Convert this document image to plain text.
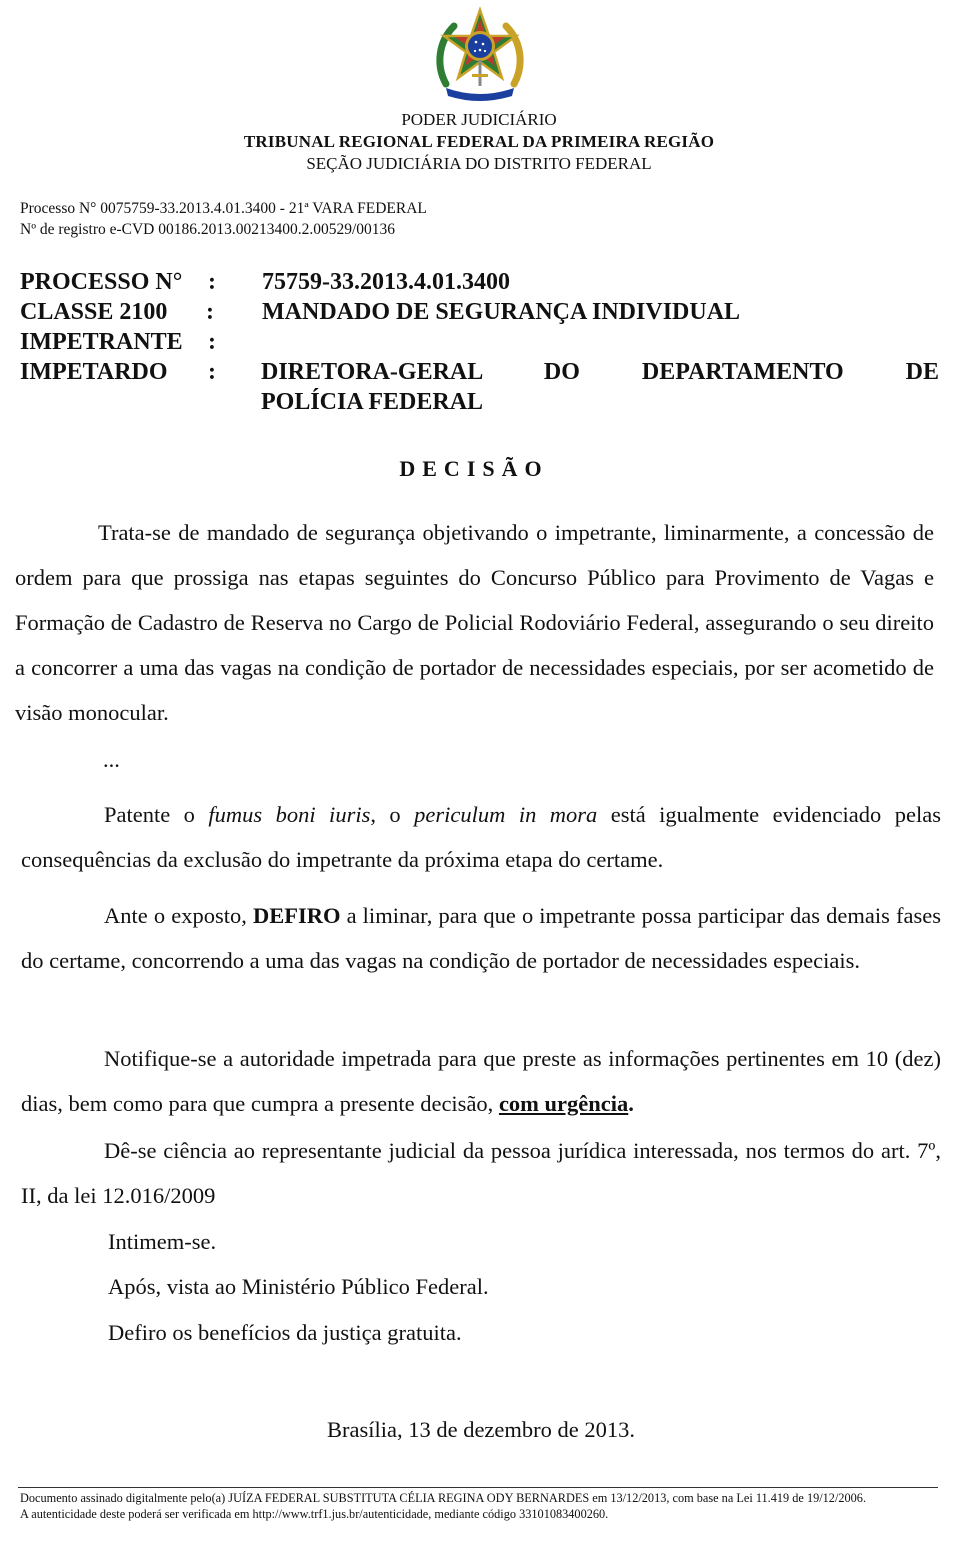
PODER JUDICIÁRIO
TRIBUNAL REGIONAL FEDERAL DA PRIMEIRA REGIÃO
SEÇÃO JUDICIÁRIA DO DISTRITO FEDERAL
Processo N° 0075759-33.2013.4.01.3400 - 21ª VARA FEDERAL
Nº de registro e-CVD 00186.2013.00213400.2.00529/00136
PROCESSO N° : 75759-33.2013.4.01.3400
CLASSE 2100 : MANDADO DE SEGURANÇA INDIVIDUAL
IMPETRANTE :
IMPETARDO : DIRETORA-GERAL DO DEPARTAMENTO DE
POLÍCIA FEDERAL
DECISÃO
Trata-se de mandado de segurança objetivando o impetrante, liminarmente, a concessão de ordem para que prossiga nas etapas seguintes do Concurso Público para Provimento de Vagas e Formação de Cadastro de Reserva no Cargo de Policial Rodoviário Federal, assegurando o seu direito a concorrer a uma das vagas na condição de portador de necessidades especiais, por ser acometido de visão monocular.
...
Patente o fumus boni iuris, o periculum in mora está igualmente evidenciado pelas consequências da exclusão do impetrante da próxima etapa do certame.
Ante o exposto, DEFIRO a liminar, para que o impetrante possa participar das demais fases do certame, concorrendo a uma das vagas na condição de portador de necessidades especiais.
Notifique-se a autoridade impetrada para que preste as informações pertinentes em 10 (dez) dias, bem como para que cumpra a presente decisão, com urgência.
Dê-se ciência ao representante judicial da pessoa jurídica interessada, nos termos do art. 7º, II, da lei 12.016/2009
Intimem-se.
Após, vista ao Ministério Público Federal.
Defiro os benefícios da justiça gratuita.
Brasília, 13 de dezembro de 2013.
Documento assinado digitalmente pelo(a) JUÍZA FEDERAL SUBSTITUTA CÉLIA REGINA ODY BERNARDES em 13/12/2013, com base na Lei 11.419 de 19/12/2006.
A autenticidade deste poderá ser verificada em http://www.trf1.jus.br/autenticidade, mediante código 33101083400260.
